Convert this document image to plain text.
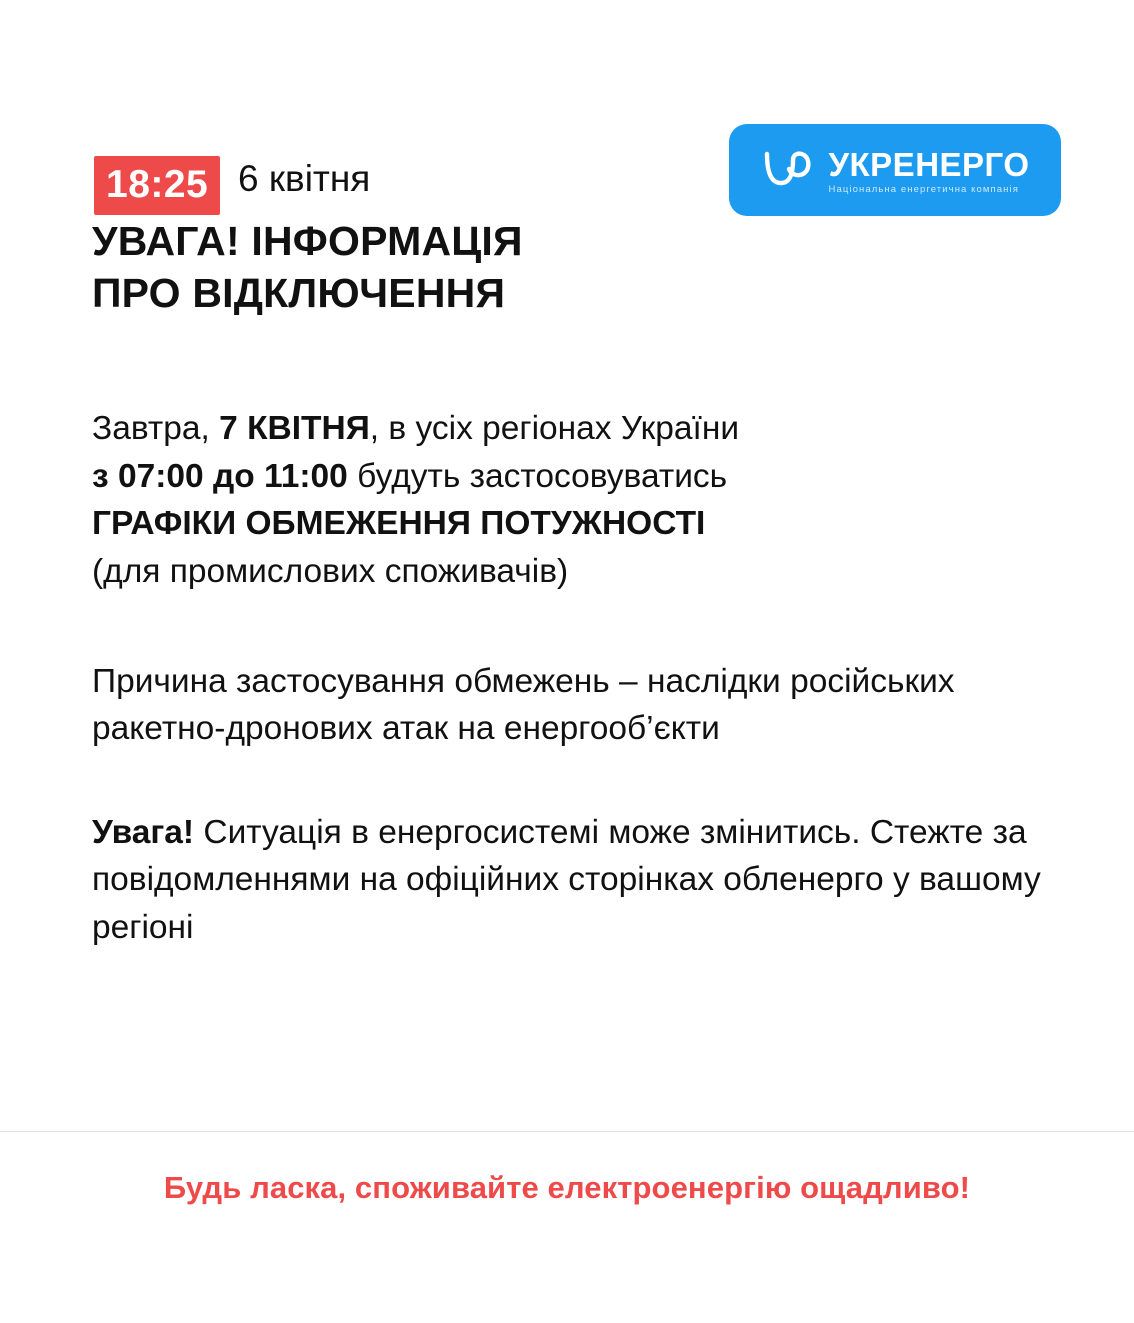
18:25 6 квітня	УКРЕНЕРГО
Національна енергетична компанія
УВАГА! ІНФОРМАЦІЯ
ПРО ВІДКЛЮЧЕННЯ

Завтра, 7 КВІТНЯ, в усіх регіонах України
з 07:00 до 11:00 будуть застосовуватись
ГРАФІКИ ОБМЕЖЕННЯ ПОТУЖНОСТІ
(для промислових споживачів)

Причина застосування обмежень – наслідки російських ракетно-дронових атак на енергооб’єкти

Увага! Ситуація в енергосистемі може змінитись. Стежте за повідомленнями на офіційних сторінках обленерго у вашому регіоні

Будь ласка, споживайте електроенергію ощадливо!
